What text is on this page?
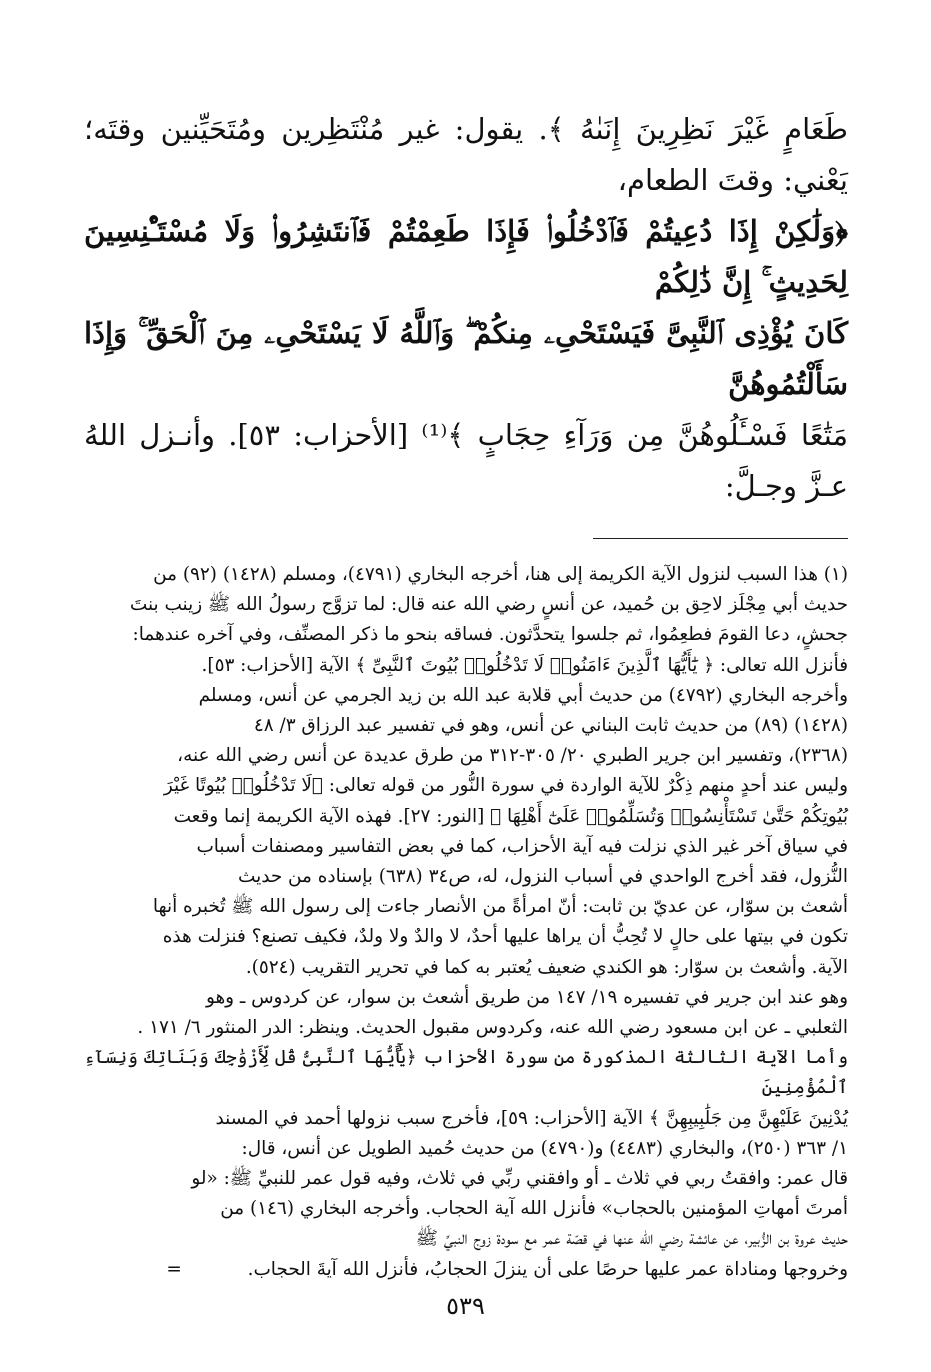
طَعَامٍ غَيْرَ نَظِرِينَ إِنَىٰهُ ﴾. يقول: غير مُنْتَظِرين ومُتَحَيِّنين وقتَه؛ يَعْني: وقتَ الطعام،

﴿وَلَٰكِنْ إِذَا دُعِيتُمْ فَٱدْخُلُوا۟ فَإِذَا طَعِمْتُمْ فَٱنتَشِرُوا۟ وَلَا مُسْتَـْٔنِسِينَ لِحَدِيثٍ ۚ إِنَّ ذَٰلِكُمْ

كَانَ يُؤْذِى ٱلنَّبِىَّ فَيَسْتَحْىِۦ مِنكُمْ ۖ وَٱللَّهُ لَا يَسْتَحْىِۦ مِنَ ٱلْحَقِّ ۚ وَإِذَا سَأَلْتُمُوهُنَّ

مَتَٰعًا فَسْـَٔلُوهُنَّ مِن وَرَآءِ حِجَابٍ ﴾⁽¹⁾ [الأحزاب: ٥٣]. وأنـزل اللهُ عـزَّ وجـلَّ:

(١) هذا السبب لنزول الآية الكريمة إلى هنا، أخرجه البخاري (٤٧٩١)، ومسلم (١٤٢٨) (٩٢) من

حديث أبي مِجْلَز لاحِق بن حُميد، عن أنسٍ رضي الله عنه قال: لما تزوَّج رسولُ الله ﷺ زينب بنتَ

جحشٍ، دعا القومَ فطعِمُوا، ثم جلسوا يتحدَّثون. فساقه بنحو ما ذكر المصنِّف، وفي آخره عندهما:

فأنزل الله تعالى: ﴿ يَٰٓأَيُّهَا ٱلَّذِينَ ءَامَنُوا۟ لَا تَدْخُلُوا۟ بُيُوتَ ٱلنَّبِىِّ ﴾ الآية [الأحزاب: ٥٣].

وأخرجه البخاري (٤٧٩٢) من حديث أبي قلابة عبد الله بن زيد الجرمي عن أنس، ومسلم

(١٤٢٨) (٨٩) من حديث ثابت البناني عن أنس، وهو في تفسير عبد الرزاق ٣/ ٤٨

(٢٣٦٨)، وتفسير ابن جرير الطبري ٢٠/ ٣٠٥-٣١٢ من طرق عديدة عن أنس رضي الله عنه،

وليس عند أحدٍ منهم ذِكْرٌ للآية الواردة في سورة النُّور من قوله تعالى: ﴿لَا تَدْخُلُوا۟ بُيُوتًا غَيْرَ

بُيُوتِكُمْ حَتَّىٰ تَسْتَأْنِسُوا۟ وَتُسَلِّمُوا۟ عَلَىٰٓ أَهْلِهَا ﴾ [النور: ٢٧]. فهذه الآية الكريمة إنما وقعت

في سياق آخر غير الذي نزلت فيه آية الأحزاب، كما في بعض التفاسير ومصنفات أسباب

النُّزول، فقد أخرج الواحدي في أسباب النزول، له، ص٣٤ (٦٣٨) بإسناده من حديث

أشعث بن سوّار، عن عديّ بن ثابت: أنّ امرأةً من الأنصار جاءت إلى رسول الله ﷺ تُخبره أنها

تكون في بيتها على حالٍ لا تُحِبُّ أن يراها عليها أحدٌ، لا والدٌ ولا ولدٌ، فكيف تصنع؟ فنزلت هذه

الآية. وأشعث بن سوّار: هو الكندي ضعيف يُعتبر به كما في تحرير التقريب (٥٢٤).

وهو عند ابن جرير في تفسيره ١٩/ ١٤٧ من طريق أشعث بن سوار، عن كردوس ـ وهو

الثعلبي ـ عن ابن مسعود رضي الله عنه، وكردوس مقبول الحديث. وينظر: الدر المنثور ٦/ ١٧١ .

وأما الآية الثالثة المذكورة من سورة الأحزاب ﴿يَٰٓأَيُّهَا ٱلنَّبِىُّ قُل لِّأَزْوَٰجِكَ وَبَنَاتِكَ وَنِسَآءِ ٱلْمُؤْمِنِينَ

يُدْنِينَ عَلَيْهِنَّ مِن جَلَٰبِيبِهِنَّ ﴾ الآية [الأحزاب: ٥٩]، فأخرج سبب نزولها أحمد في المسند

١/ ٣٦٣ (٢٥٠)، والبخاري (٤٤٨٣) و(٤٧٩٠) من حديث حُميد الطويل عن أنس، قال:

قال عمر: وافقتُ ربي في ثلاث ـ أو وافقني ربِّي في ثلاث، وفيه قول عمر للنبيِّ ﷺ: «لو

أمرتَ أمهاتِ المؤمنين بالحجاب» فأنزل الله آية الحجاب. وأخرجه البخاري (١٤٦) من

حديث عروة بن الزُّبير، عن عائشة رضي الله عنها في قصّة عمر مع سودة زوج النبيِّ ﷺ

وخروجها ومناداة عمر عليها حرصًا على أن ينزلَ الحجابُ، فأنزل الله آيةَ الحجاب. =

٥٣٩
